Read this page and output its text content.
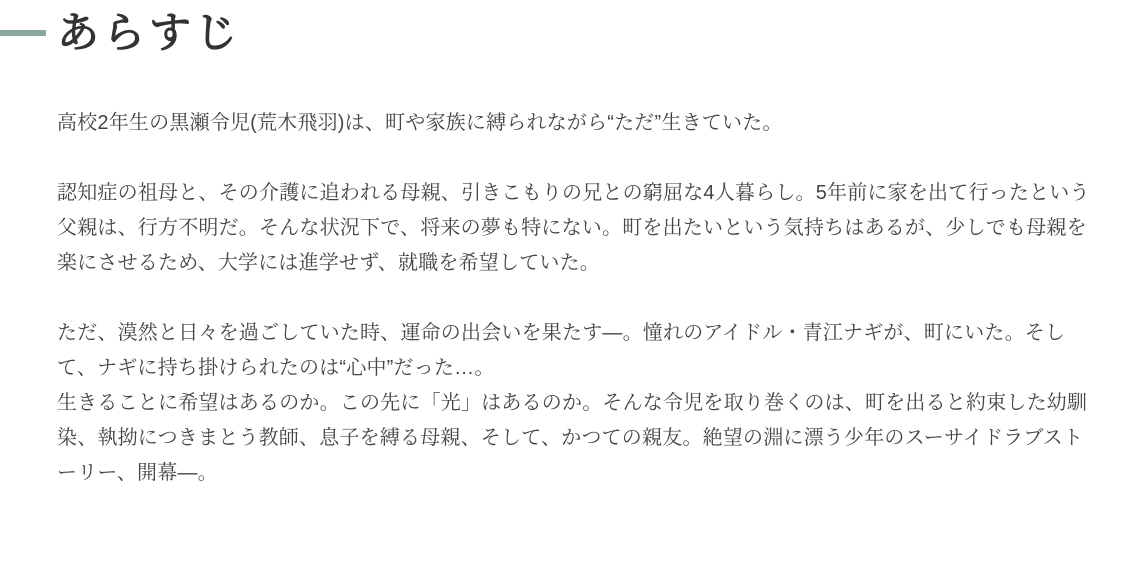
あらすじ

高校2年生の黒瀬令児(荒木飛羽)は、町や家族に縛られながら“ただ”生きていた。

認知症の祖母と、その介護に追われる母親、引きこもりの兄との窮屈な4人暮らし。5年前に家を出て行ったという父親は、行方不明だ。そんな状況下で、将来の夢も特にない。町を出たいという気持ちはあるが、少しでも母親を楽にさせるため、大学には進学せず、就職を希望していた。

ただ、漠然と日々を過ごしていた時、運命の出会いを果たす—。憧れのアイドル・青江ナギが、町にいた。そして、ナギに持ち掛けられたのは“心中”だった…。

生きることに希望はあるのか。この先に「光」はあるのか。そんな令児を取り巻くのは、町を出ると約束した幼馴染、執拗につきまとう教師、息子を縛る母親、そして、かつての親友。絶望の淵に漂う少年のスーサイドラブストーリー、開幕—。
